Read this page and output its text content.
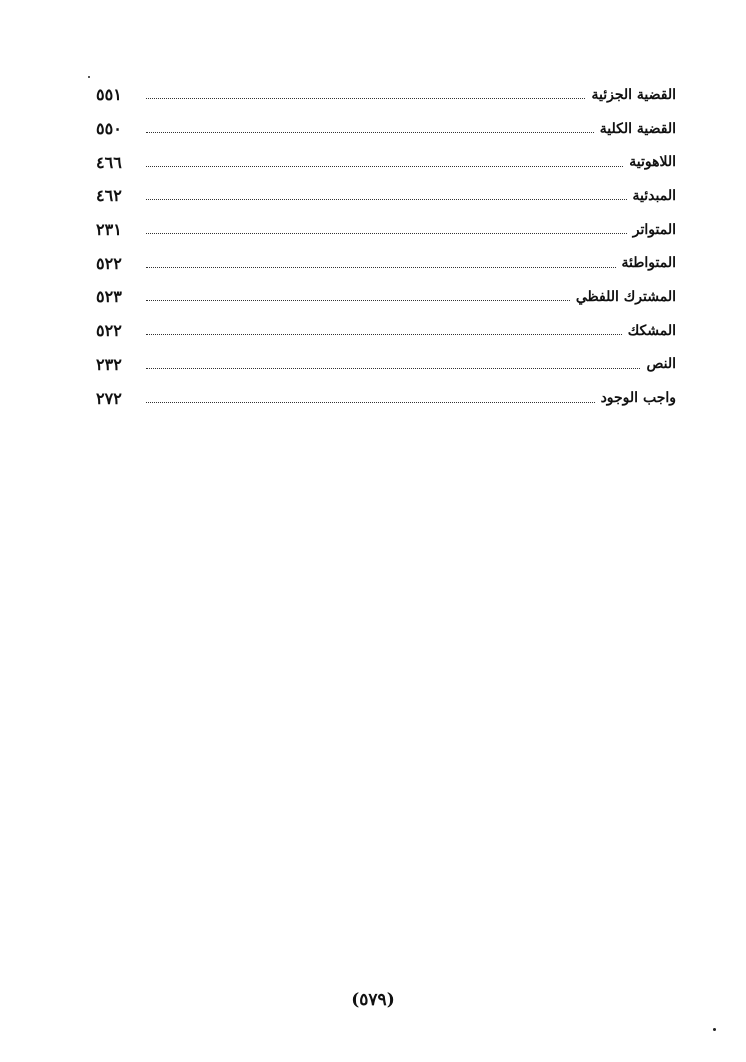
القضية الجزئية
٥٥١
القضية الكلية
٥٥٠
اللاهوتية
٤٦٦
المبدئية
٤٦٢
المتواتر
٢٣١
المتواطئة
٥٢٢
المشترك اللفظي
٥٢٣
المشكك
٥٢٢
النص
٢٣٢
واجب الوجود
٢٧٢
(٥٧٩)
